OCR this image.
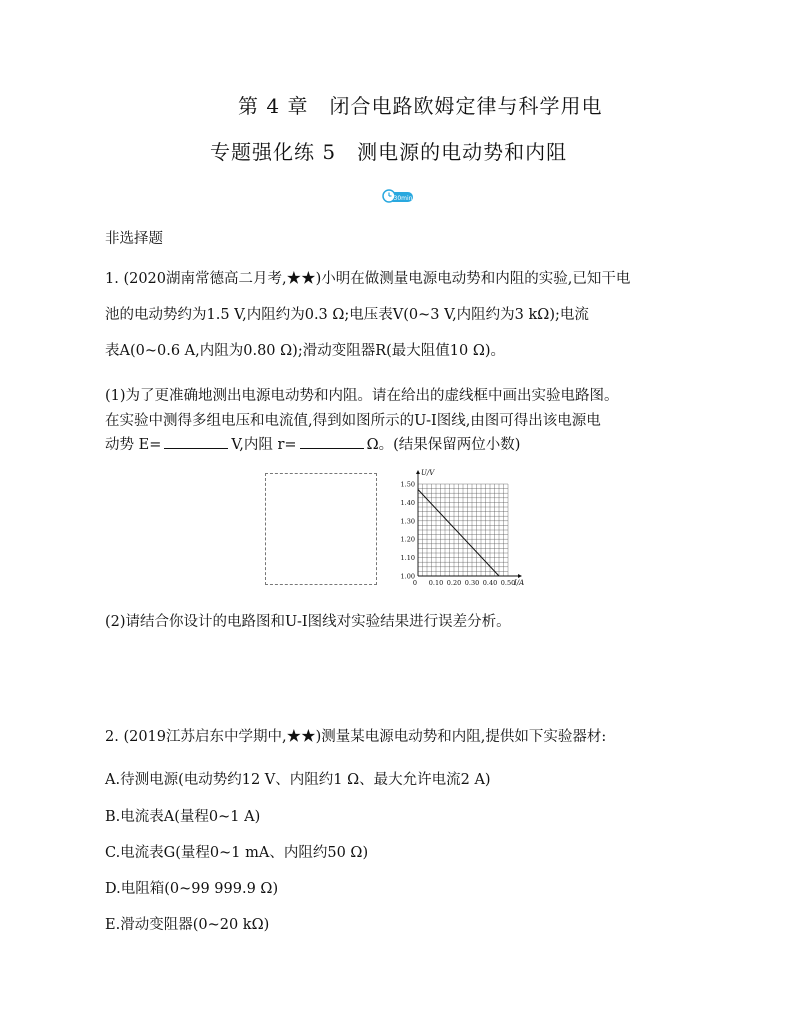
第 4 章　闭合电路欧姆定律与科学用电
专题强化练 5　测电源的电动势和内阻
30min
非选择题
1. (2020湖南常德高二月考,★★)小明在做测量电源电动势和内阻的实验,已知干电
池的电动势约为1.5 V,内阻约为0.3 Ω;电压表V(0~3 V,内阻约为3 kΩ);电流
表A(0~0.6 A,内阻为0.80 Ω);滑动变阻器R(最大阻值10 Ω)。
(1)为了更准确地测出电源电动势和内阻。请在给出的虚线框中画出实验电路图。
在实验中测得多组电压和电流值,得到如图所示的U-I图线,由图可得出该电源电
动势 E=	V,内阻 r=	Ω。(结果保留两位小数)
U/V
I/A
0
1.00
1.10
1.20
1.30
1.40
1.50
0.10 0.20 0.30 0.40 0.50
(2)请结合你设计的电路图和U-I图线对实验结果进行误差分析。
2. (2019江苏启东中学期中,★★)测量某电源电动势和内阻,提供如下实验器材:
A.待测电源(电动势约12 V、内阻约1 Ω、最大允许电流2 A)
B.电流表A(量程0~1 A)
C.电流表G(量程0~1 mA、内阻约50 Ω)
D.电阻箱(0~99 999.9 Ω)
E.滑动变阻器(0~20 kΩ)
